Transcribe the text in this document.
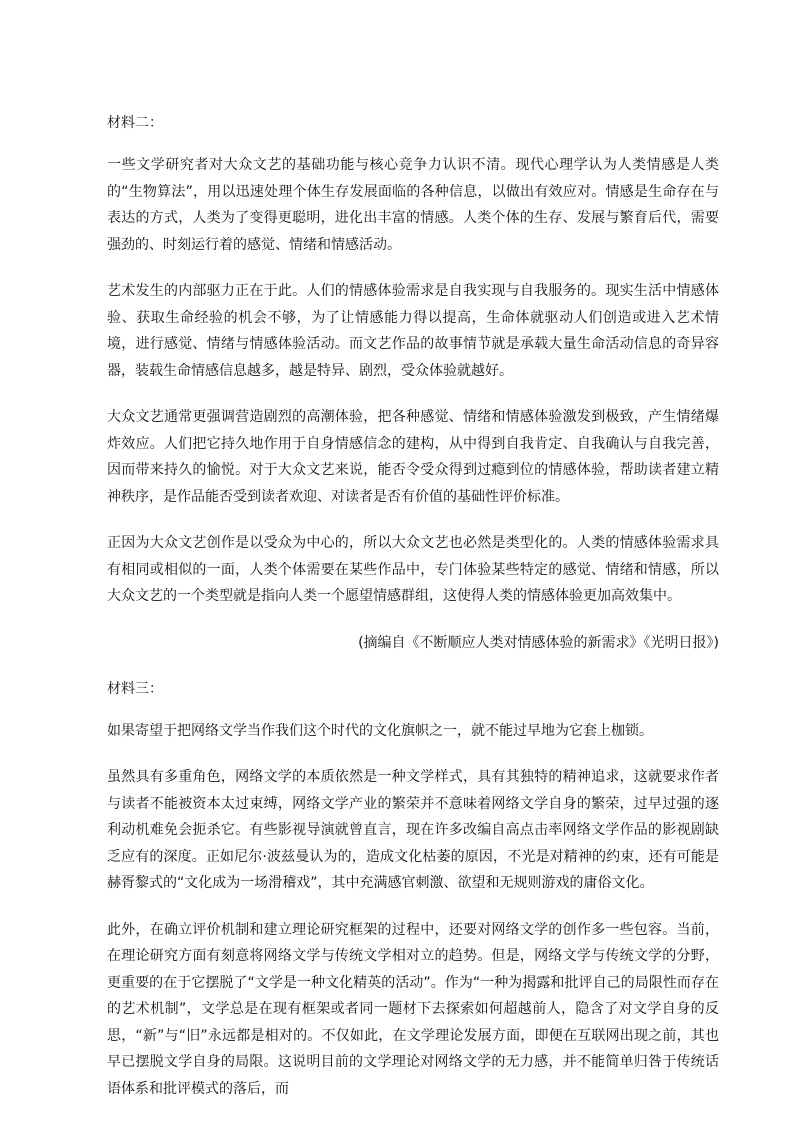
材料二：

一些文学研究者对大众文艺的基础功能与核心竞争力认识不清。现代心理学认为人类情感是人类的“生物算法”，用以迅速处理个体生存发展面临的各种信息，以做出有效应对。情感是生命存在与表达的方式，人类为了变得更聪明，进化出丰富的情感。人类个体的生存、发展与繁育后代，需要强劲的、时刻运行着的感觉、情绪和情感活动。

艺术发生的内部驱力正在于此。人们的情感体验需求是自我实现与自我服务的。现实生活中情感体验、获取生命经验的机会不够，为了让情感能力得以提高，生命体就驱动人们创造或进入艺术情境，进行感觉、情绪与情感体验活动。而文艺作品的故事情节就是承载大量生命活动信息的奇异容器，装载生命情感信息越多，越是特异、剧烈，受众体验就越好。

大众文艺通常更强调营造剧烈的高潮体验，把各种感觉、情绪和情感体验激发到极致，产生情绪爆炸效应。人们把它持久地作用于自身情感信念的建构，从中得到自我肯定、自我确认与自我完善，因而带来持久的愉悦。对于大众文艺来说，能否令受众得到过瘾到位的情感体验，帮助读者建立精神秩序，是作品能否受到读者欢迎、对读者是否有价值的基础性评价标准。

正因为大众文艺创作是以受众为中心的，所以大众文艺也必然是类型化的。人类的情感体验需求具有相同或相似的一面，人类个体需要在某些作品中，专门体验某些特定的感觉、情绪和情感，所以大众文艺的一个类型就是指向人类一个愿望情感群组，这使得人类的情感体验更加高效集中。

(摘编自《不断顺应人类对情感体验的新需求》《光明日报》)

材料三：

如果寄望于把网络文学当作我们这个时代的文化旗帜之一，就不能过早地为它套上枷锁。

虽然具有多重角色，网络文学的本质依然是一种文学样式，具有其独特的精神追求，这就要求作者与读者不能被资本太过束缚，网络文学产业的繁荣并不意味着网络文学自身的繁荣，过早过强的逐利动机难免会扼杀它。有些影视导演就曾直言，现在许多改编自高点击率网络文学作品的影视剧缺乏应有的深度。正如尼尔·波兹曼认为的，造成文化枯萎的原因，不光是对精神的约束，还有可能是赫胥黎式的“文化成为一场滑稽戏”，其中充满感官刺激、欲望和无规则游戏的庸俗文化。

此外，在确立评价机制和建立理论研究框架的过程中，还要对网络文学的创作多一些包容。当前，在理论研究方面有刻意将网络文学与传统文学相对立的趋势。但是，网络文学与传统文学的分野，更重要的在于它摆脱了“文学是一种文化精英的活动”。作为“一种为揭露和批评自己的局限性而存在的艺术机制”，文学总是在现有框架或者同一题材下去探索如何超越前人，隐含了对文学自身的反思，“新”与“旧”永远都是相对的。不仅如此，在文学理论发展方面，即便在互联网出现之前，其也早已摆脱文学自身的局限。这说明目前的文学理论对网络文学的无力感，并不能简单归咎于传统话语体系和批评模式的落后，而
